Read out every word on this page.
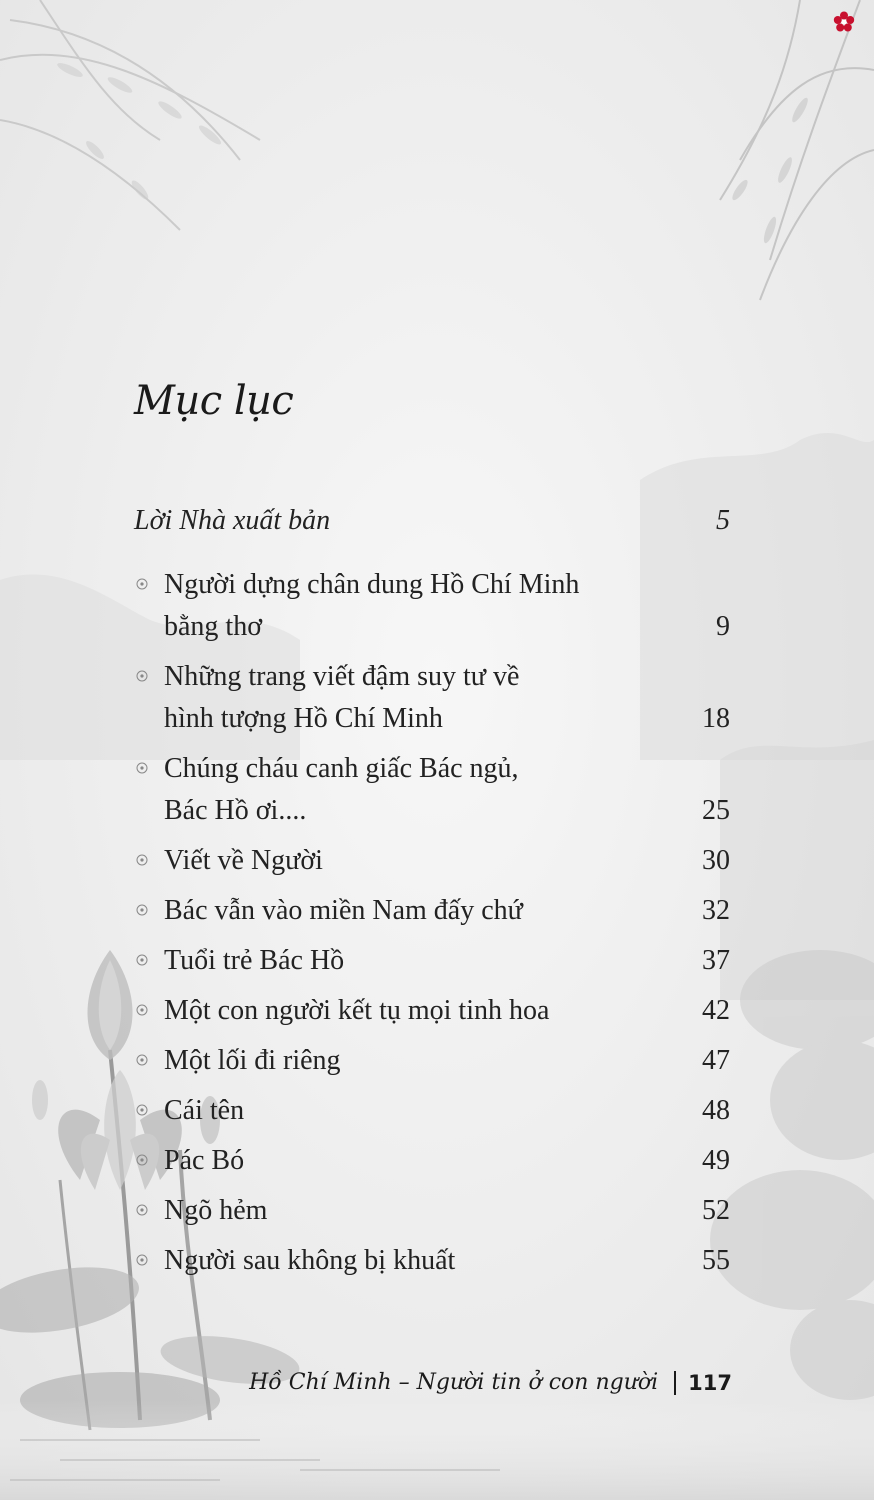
Mục lục
Lời Nhà xuất bản	5
Người dựng chân dung Hồ Chí Minh
bằng thơ	9
Những trang viết đậm suy tư về
hình tượng Hồ Chí Minh	18
Chúng cháu canh giấc Bác ngủ,
Bác Hồ ơi....	25
Viết về Người	30
Bác vẫn vào miền Nam đấy chứ	32
Tuổi trẻ Bác Hồ	37
Một con người kết tụ mọi tinh hoa	42
Một lối đi riêng	47
Cái tên	48
Pác Bó	49
Ngõ hẻm	52
Người sau không bị khuất	55
Hồ Chí Minh – Người tin ở con người 117
